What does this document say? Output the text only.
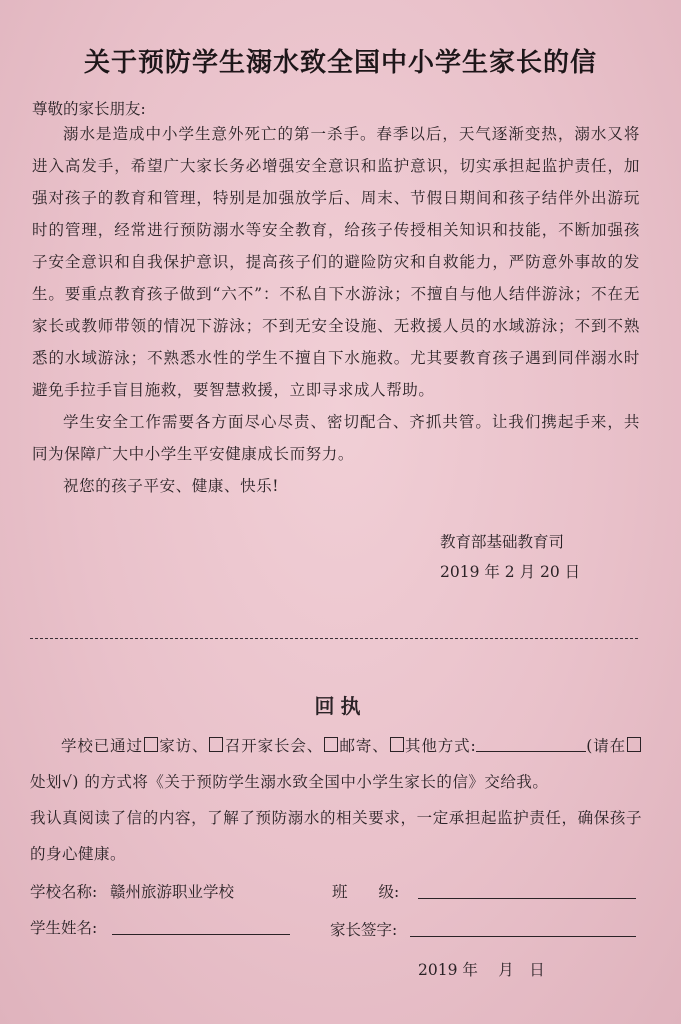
关于预防学生溺水致全国中小学生家长的信
尊敬的家长朋友:

溺水是造成中小学生意外死亡的第一杀手。春季以后，天气逐渐变热，溺水又将进入高发手，希望广大家长务必增强安全意识和监护意识，切实承担起监护责任，加强对孩子的教育和管理，特别是加强放学后、周末、节假日期间和孩子结伴外出游玩时的管理，经常进行预防溺水等安全教育，给孩子传授相关知识和技能，不断加强孩子安全意识和自我保护意识，提高孩子们的避险防灾和自救能力，严防意外事故的发生。要重点教育孩子做到“六不”：不私自下水游泳；不擅自与他人结伴游泳；不在无家长或教师带领的情况下游泳；不到无安全设施、无救援人员的水域游泳；不到不熟悉的水域游泳；不熟悉水性的学生不擅自下水施救。尤其要教育孩子遇到同伴溺水时避免手拉手盲目施救，要智慧救援，立即寻求成人帮助。

学生安全工作需要各方面尽心尽责、密切配合、齐抓共管。让我们携起手来，共同为保障广大中小学生平安健康成长而努力。

祝您的孩子平安、健康、快乐!

教育部基础教育司
2019 年 2 月 20 日
回执

学校已通过 家访、 召开家长会、 邮寄、 其他方式:	(请在处划√) 的方式将《关于预防学生溺水致全国中小学生家长的信》交给我。

我认真阅读了信的内容，了解了预防溺水的相关要求，一定承担起监护责任，确保孩子的身心健康。

学校名称: 赣州旅游职业学校	班　　级:
学生姓名:	家长签字:
2019 年　 月　日
